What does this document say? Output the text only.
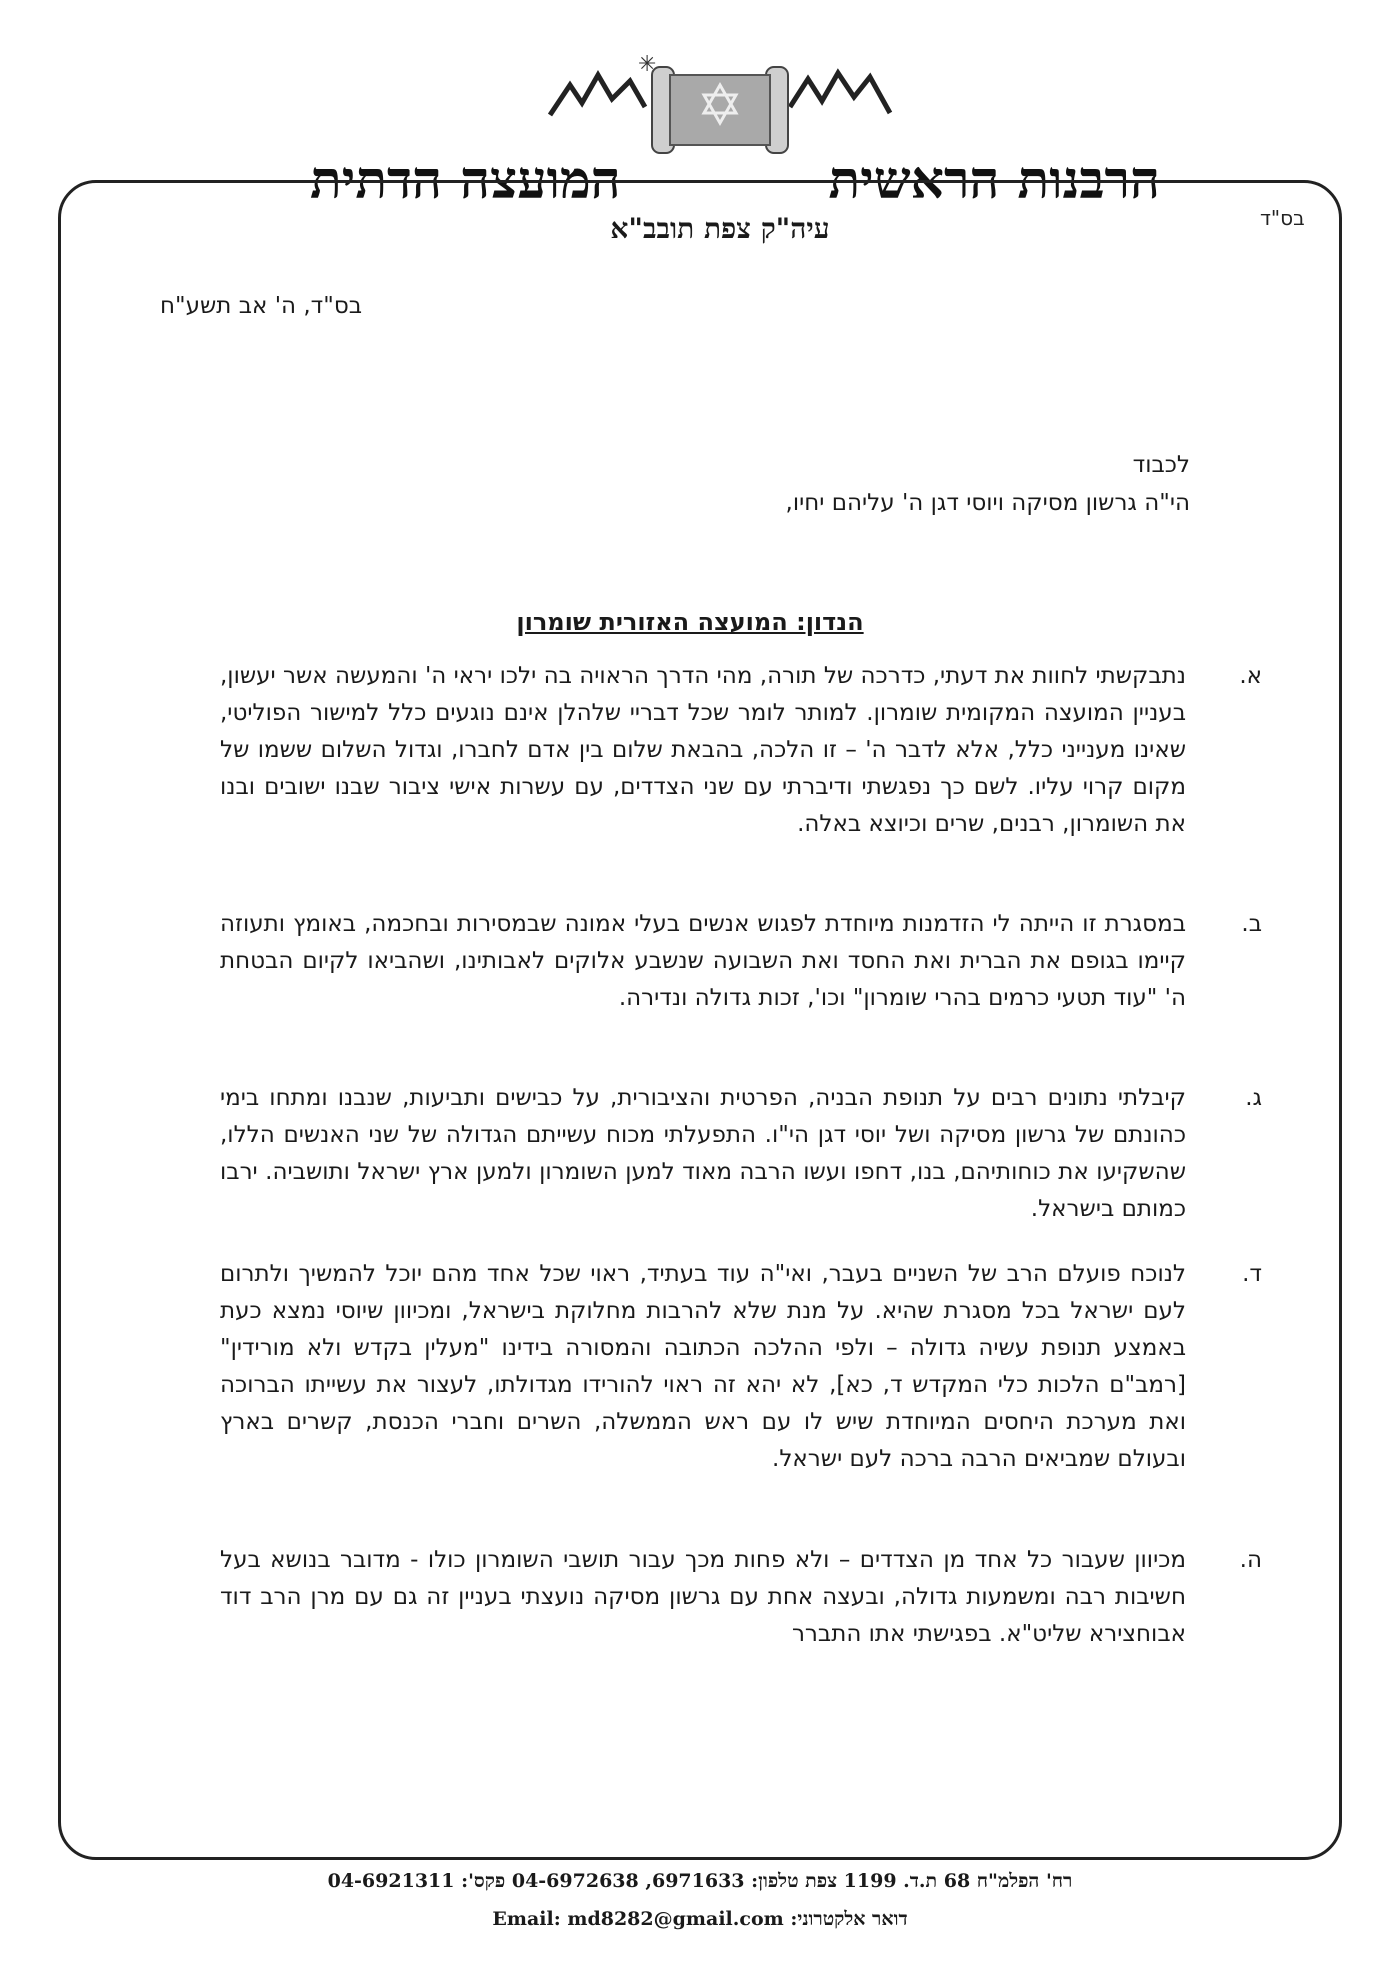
✳
הרבנות הראשית
המועצה הדתית
עיה"ק צפת תובב"א	בס"ד
בס"ד, ה' אב תשע"ח
לכבוד
הי"ה גרשון מסיקה ויוסי דגן ה' עליהם יחיו,
הנדון: המועצה האזורית שומרון
א.
נתבקשתי לחוות את דעתי, כדרכה של תורה, מהי הדרך הראויה בה ילכו יראי ה' והמעשה אשר יעשון, בעניין המועצה המקומית שומרון. למותר לומר שכל דבריי שלהלן אינם נוגעים כלל למישור הפוליטי, שאינו מענייני כלל, אלא לדבר ה' – זו הלכה, בהבאת שלום בין אדם לחברו, וגדול השלום ששמו של מקום קרוי עליו. לשם כך נפגשתי ודיברתי עם שני הצדדים, עם עשרות אישי ציבור שבנו ישובים ובנו את השומרון, רבנים, שרים וכיוצא באלה.
ב.
במסגרת זו הייתה לי הזדמנות מיוחדת לפגוש אנשים בעלי אמונה שבמסירות ובחכמה, באומץ ותעוזה קיימו בגופם את הברית ואת החסד ואת השבועה שנשבע אלוקים לאבותינו, ושהביאו לקיום הבטחת ה' "עוד תטעי כרמים בהרי שומרון" וכו', זכות גדולה ונדירה.
ג.
קיבלתי נתונים רבים על תנופת הבניה, הפרטית והציבורית, על כבישים ותביעות, שנבנו ומתחו בימי כהונתם של גרשון מסיקה ושל יוסי דגן הי"ו. התפעלתי מכוח עשייתם הגדולה של שני האנשים הללו, שהשקיעו את כוחותיהם, בנו, דחפו ועשו הרבה מאוד למען השומרון ולמען ארץ ישראל ותושביה. ירבו כמותם בישראל.
ד.
לנוכח פועלם הרב של השניים בעבר, ואי"ה עוד בעתיד, ראוי שכל אחד מהם יוכל להמשיך ולתרום לעם ישראל בכל מסגרת שהיא. על מנת שלא להרבות מחלוקת בישראל, ומכיוון שיוסי נמצא כעת באמצע תנופת עשיה גדולה – ולפי ההלכה הכתובה והמסורה בידינו "מעלין בקדש ולא מורידין" [רמב"ם הלכות כלי המקדש ד, כא], לא יהא זה ראוי להורידו מגדולתו, לעצור את עשייתו הברוכה ואת מערכת היחסים המיוחדת שיש לו עם ראש הממשלה, השרים וחברי הכנסת, קשרים בארץ ובעולם שמביאים הרבה ברכה לעם ישראל.
ה.
מכיוון שעבור כל אחד מן הצדדים – ולא פחות מכך עבור תושבי השומרון כולו - מדובר בנושא בעל חשיבות רבה ומשמעות גדולה, ובעצה אחת עם גרשון מסיקה נועצתי בעניין זה גם עם מרן הרב דוד אבוחצירא שליט"א. בפגישתי אתו התברר
רח' הפלמ"ח 68 ת.ד. 1199 צפת טלפון: 6971633, 04-6972638 פקס': 04-6921311
דואר אלקטרוני: Email: md8282@gmail.com
